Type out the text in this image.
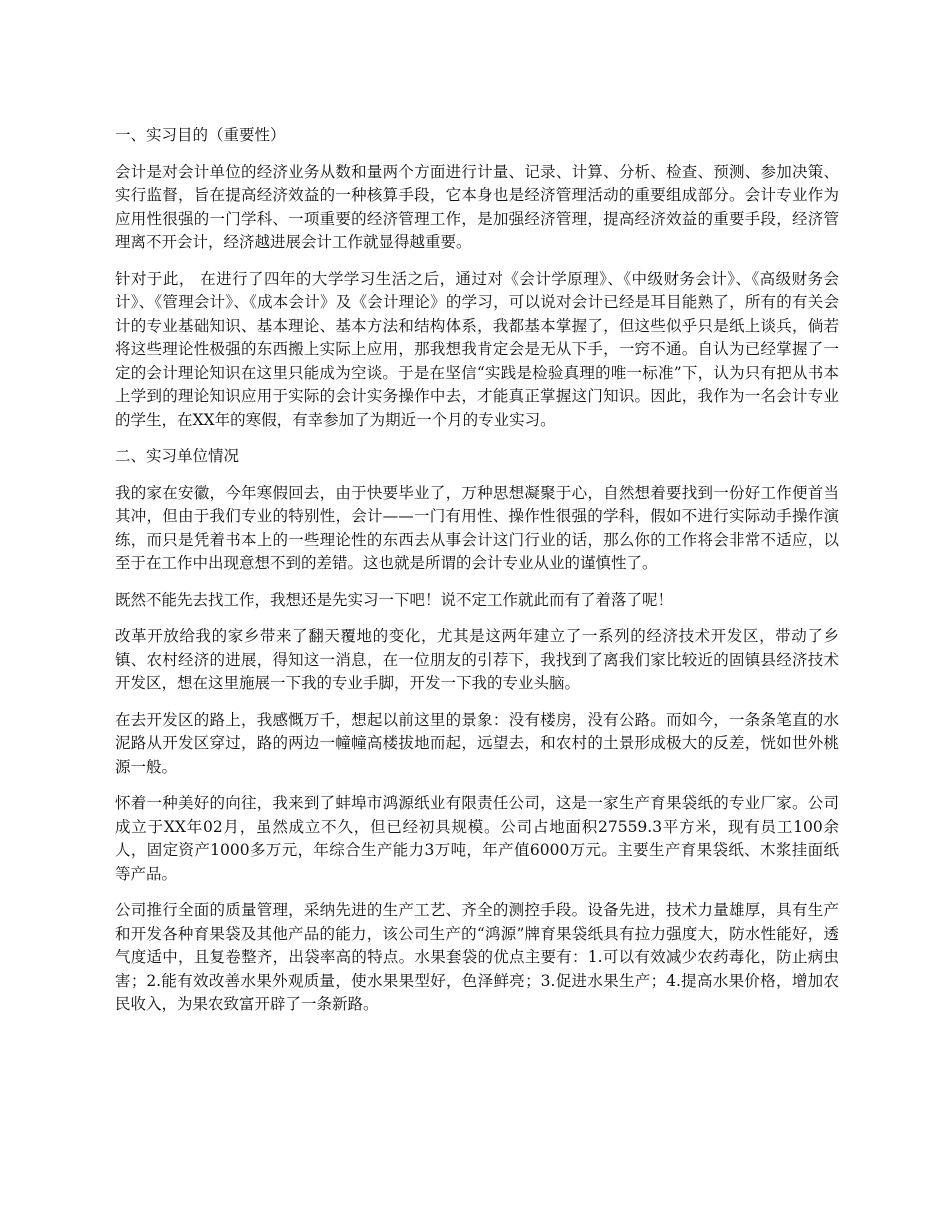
一、实习目的（重要性）

会计是对会计单位的经济业务从数和量两个方面进行计量、记录、计算、分析、检查、预测、参加决策、实行监督，旨在提高经济效益的一种核算手段，它本身也是经济管理活动的重要组成部分。会计专业作为应用性很强的一门学科、一项重要的经济管理工作，是加强经济管理，提高经济效益的重要手段，经济管理离不开会计，经济越进展会计工作就显得越重要。

针对于此， 在进行了四年的大学学习生活之后，通过对《会计学原理》、《中级财务会计》、《高级财务会计》、《管理会计》、《成本会计》及《会计理论》的学习，可以说对会计已经是耳目能熟了，所有的有关会计的专业基础知识、基本理论、基本方法和结构体系，我都基本掌握了，但这些似乎只是纸上谈兵，倘若将这些理论性极强的东西搬上实际上应用，那我想我肯定会是无从下手，一窍不通。自认为已经掌握了一定的会计理论知识在这里只能成为空谈。于是在坚信“实践是检验真理的唯一标准”下，认为只有把从书本上学到的理论知识应用于实际的会计实务操作中去，才能真正掌握这门知识。因此，我作为一名会计专业的学生，在XX年的寒假，有幸参加了为期近一个月的专业实习。

二、实习单位情况

我的家在安徽，今年寒假回去，由于快要毕业了，万种思想凝聚于心，自然想着要找到一份好工作便首当其冲，但由于我们专业的特别性，会计——一门有用性、操作性很强的学科，假如不进行实际动手操作演练，而只是凭着书本上的一些理论性的东西去从事会计这门行业的话，那么你的工作将会非常不适应，以至于在工作中出现意想不到的差错。这也就是所谓的会计专业从业的谨慎性了。

既然不能先去找工作，我想还是先实习一下吧！说不定工作就此而有了着落了呢！

改革开放给我的家乡带来了翻天覆地的变化，尤其是这两年建立了一系列的经济技术开发区，带动了乡镇、农村经济的进展，得知这一消息，在一位朋友的引荐下，我找到了离我们家比较近的固镇县经济技术开发区，想在这里施展一下我的专业手脚，开发一下我的专业头脑。

在去开发区的路上，我感慨万千，想起以前这里的景象：没有楼房，没有公路。而如今，一条条笔直的水泥路从开发区穿过，路的两边一幢幢高楼拔地而起，远望去，和农村的土景形成极大的反差，恍如世外桃源一般。

怀着一种美好的向往，我来到了蚌埠市鸿源纸业有限责任公司，这是一家生产育果袋纸的专业厂家。公司成立于XX年02月，虽然成立不久，但已经初具规模。公司占地面积27559.3平方米，现有员工100余人，固定资产1000多万元，年综合生产能力3万吨，年产值6000万元。主要生产育果袋纸、木浆挂面纸等产品。

公司推行全面的质量管理，采纳先进的生产工艺、齐全的测控手段。设备先进，技术力量雄厚，具有生产和开发各种育果袋及其他产品的能力，该公司生产的“鸿源”牌育果袋纸具有拉力强度大，防水性能好，透气度适中，且复卷整齐，出袋率高的特点。水果套袋的优点主要有：1.可以有效减少农药毒化，防止病虫害；2.能有效改善水果外观质量，使水果果型好，色泽鲜亮；3.促进水果生产；4.提高水果价格，增加农民收入，为果农致富开辟了一条新路。
